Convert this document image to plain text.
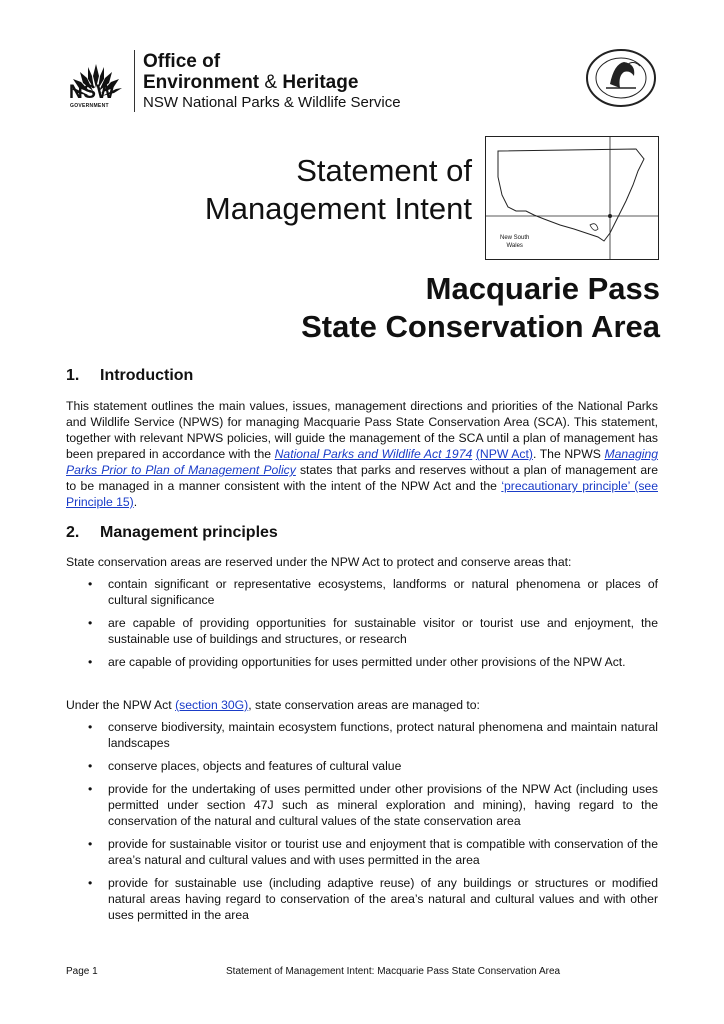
NSW
GOVERNMENT
Office of
Environment & Heritage
NSW National Parks & Wildlife Service
New South
Wales
Statement of
Management Intent
Macquarie Pass
State Conservation Area
1. Introduction
This statement outlines the main values, issues, management directions and priorities of the National Parks and Wildlife Service (NPWS) for managing Macquarie Pass State Conservation Area (SCA). This statement, together with relevant NPWS policies, will guide the management of the SCA until a plan of management has been prepared in accordance with the National Parks and Wildlife Act 1974 (NPW Act). The NPWS Managing Parks Prior to Plan of Management Policy states that parks and reserves without a plan of management are to be managed in a manner consistent with the intent of the NPW Act and the ‘precautionary principle’ (see Principle 15).
2. Management principles
State conservation areas are reserved under the NPW Act to protect and conserve areas that:
• contain significant or representative ecosystems, landforms or natural phenomena or places of cultural significance
• are capable of providing opportunities for sustainable visitor or tourist use and enjoyment, the sustainable use of buildings and structures, or research
• are capable of providing opportunities for uses permitted under other provisions of the NPW Act.
Under the NPW Act (section 30G), state conservation areas are managed to:
• conserve biodiversity, maintain ecosystem functions, protect natural phenomena and maintain natural landscapes
• conserve places, objects and features of cultural value
• provide for the undertaking of uses permitted under other provisions of the NPW Act (including uses permitted under section 47J such as mineral exploration and mining), having regard to the conservation of the natural and cultural values of the state conservation area
• provide for sustainable visitor or tourist use and enjoyment that is compatible with conservation of the area’s natural and cultural values and with uses permitted in the area
• provide for sustainable use (including adaptive reuse) of any buildings or structures or modified natural areas having regard to conservation of the area’s natural and cultural values and with other uses permitted in the area
Page 1	Statement of Management Intent: Macquarie Pass State Conservation Area
